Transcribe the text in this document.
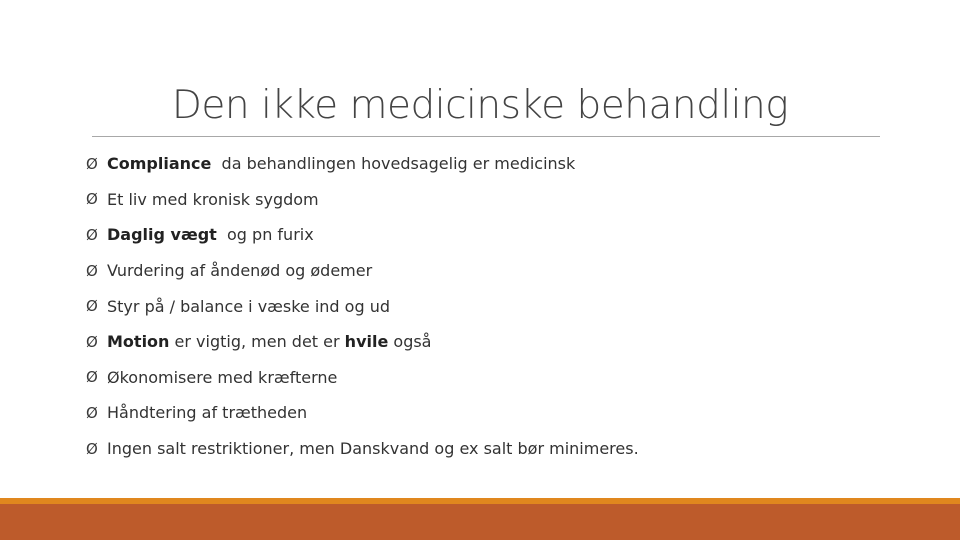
Den ikke medicinske behandling
Ø Compliance da behandlingen hovedsagelig er medicinsk
Ø Et liv med kronisk sygdom
Ø Daglig vægt og pn furix
Ø Vurdering af åndenød og ødemer
Ø Styr på / balance i væske ind og ud
Ø Motion er vigtig, men det er hvile også
Ø Økonomisere med kræfterne
Ø Håndtering af trætheden
Ø Ingen salt restriktioner, men Danskvand og ex salt bør minimeres.
